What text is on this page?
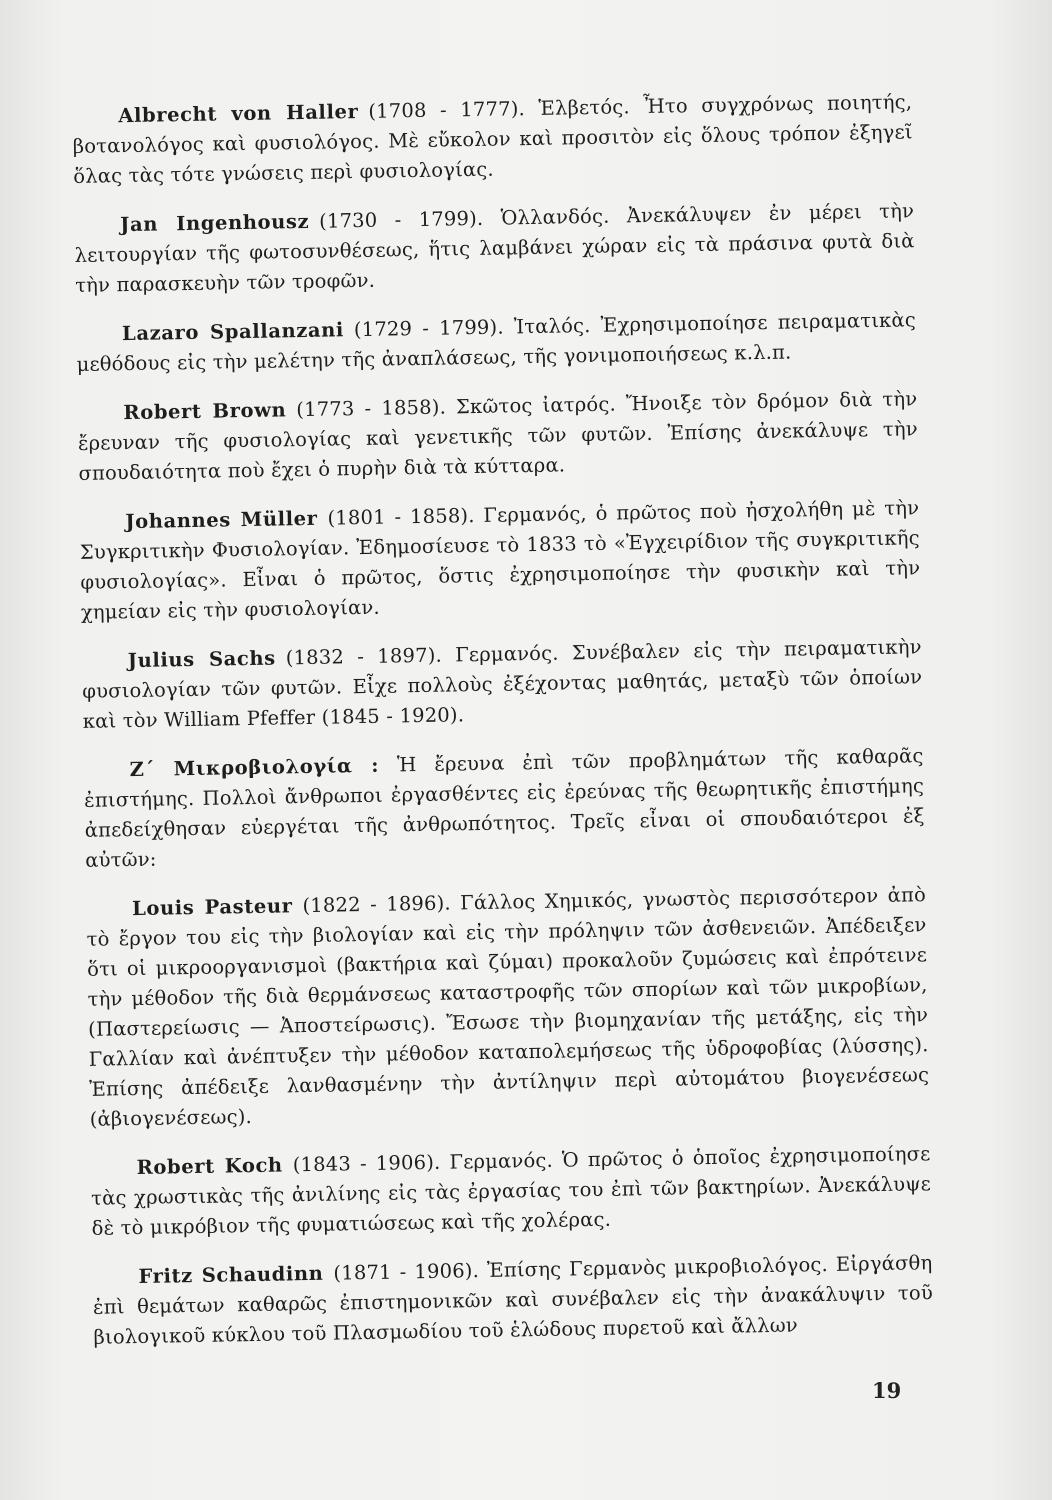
Albrecht von Haller (1708 - 1777). Ἑλβετός. Ἦτο συγχρόνως ποιητής, βοτανολόγος καὶ φυσιολόγος. Μὲ εὔκολον καὶ προσιτὸν εἰς ὅλους τρόπον ἐξηγεῖ ὅλας τὰς τότε γνώσεις περὶ φυσιολογίας.

Jan Ingenhousz (1730 - 1799). Ὁλλανδός. Ἀνεκάλυψεν ἐν μέρει τὴν λειτουργίαν τῆς φωτοσυνθέσεως, ἥτις λαμβάνει χώραν εἰς τὰ πράσινα φυτὰ διὰ τὴν παρασκευὴν τῶν τροφῶν.

Lazaro Spallanzani (1729 - 1799). Ἰταλός. Ἐχρησιμοποίησε πειραματικὰς μεθόδους εἰς τὴν μελέτην τῆς ἀναπλάσεως, τῆς γονιμοποιήσεως κ.λ.π.

Robert Brown (1773 - 1858). Σκῶτος ἰατρός. Ἤνοιξε τὸν δρόμον διὰ τὴν ἔρευναν τῆς φυσιολογίας καὶ γενετικῆς τῶν φυτῶν. Ἐπίσης ἀνεκάλυψε τὴν σπουδαιότητα ποὺ ἔχει ὁ πυρὴν διὰ τὰ κύτταρα.

Johannes Müller (1801 - 1858). Γερμανός, ὁ πρῶτος ποὺ ἠσχολήθη μὲ τὴν Συγκριτικὴν Φυσιολογίαν. Ἐδημοσίευσε τὸ 1833 τὸ «Ἐγχειρίδιον τῆς συγκριτικῆς φυσιολογίας». Εἶναι ὁ πρῶτος, ὅστις ἐχρησιμοποίησε τὴν φυσικὴν καὶ τὴν χημείαν εἰς τὴν φυσιολογίαν.

Julius Sachs (1832 - 1897). Γερμανός. Συνέβαλεν εἰς τὴν πειραματικὴν φυσιολογίαν τῶν φυτῶν. Εἶχε πολλοὺς ἐξέχοντας μαθητάς, μεταξὺ τῶν ὁποίων καὶ τὸν William Pfeffer (1845 - 1920).

Ζ΄ Μικροβιολογία : Ἡ ἔρευνα ἐπὶ τῶν προβλημάτων τῆς καθαρᾶς ἐπιστήμης. Πολλοὶ ἄνθρωποι ἐργασθέντες εἰς ἐρεύνας τῆς θεωρητικῆς ἐπιστήμης ἀπεδείχθησαν εὐεργέται τῆς ἀνθρωπότητος. Τρεῖς εἶναι οἱ σπουδαιότεροι ἐξ αὐτῶν:

Louis Pasteur (1822 - 1896). Γάλλος Χημικός, γνωστὸς περισσότερον ἀπὸ τὸ ἔργον του εἰς τὴν βιολογίαν καὶ εἰς τὴν πρόληψιν τῶν ἀσθενειῶν. Ἀπέδειξεν ὅτι οἱ μικροοργανισμοὶ (βακτήρια καὶ ζύμαι) προκαλοῦν ζυμώσεις καὶ ἐπρότεινε τὴν μέθοδον τῆς διὰ θερμάνσεως καταστροφῆς τῶν σπορίων καὶ τῶν μικροβίων, (Παστερείωσις — Ἀποστείρωσις). Ἔσωσε τὴν βιομηχανίαν τῆς μετάξης, εἰς τὴν Γαλλίαν καὶ ἀνέπτυξεν τὴν μέθοδον καταπολεμήσεως τῆς ὑδροφοβίας (λύσσης). Ἐπίσης ἀπέδειξε λανθασμένην τὴν ἀντίληψιν περὶ αὐτομάτου βιογενέσεως (ἀβιογενέσεως).

Robert Koch (1843 - 1906). Γερμανός. Ὁ πρῶτος ὁ ὁποῖος ἐχρησιμοποίησε τὰς χρωστικὰς τῆς ἀνιλίνης εἰς τὰς ἐργασίας του ἐπὶ τῶν βακτηρίων. Ἀνεκάλυψε δὲ τὸ μικρόβιον τῆς φυματιώσεως καὶ τῆς χολέρας.

Fritz Schaudinn (1871 - 1906). Ἐπίσης Γερμανὸς μικροβιολόγος. Εἰργάσθη ἐπὶ θεμάτων καθαρῶς ἐπιστημονικῶν καὶ συνέβαλεν εἰς τὴν ἀνακάλυψιν τοῦ βιολογικοῦ κύκλου τοῦ Πλασμωδίου τοῦ ἑλώδους πυρετοῦ καὶ ἄλλων

19
